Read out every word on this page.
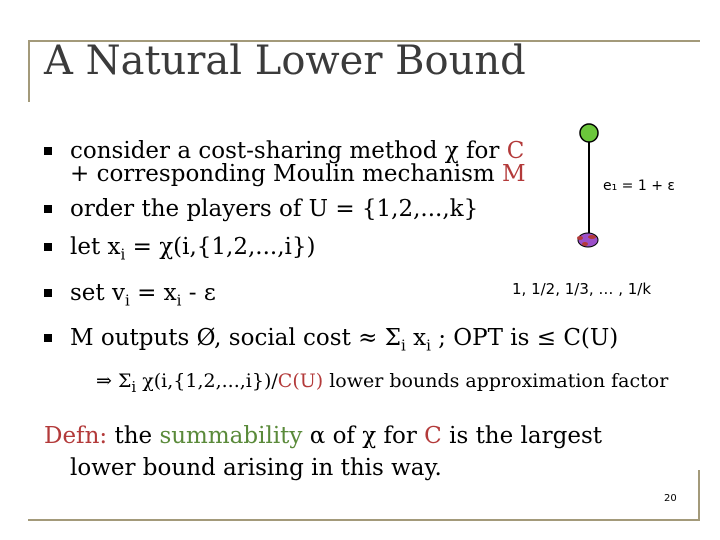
A Natural Lower Bound
consider a cost-sharing method χ for C
+ corresponding Moulin mechanism M
order the players of U = {1,2,...,k}
let $x_i = \chi(i,\{1,2,...,i\})$
set $v_i = x_i - \varepsilon$
M outputs Ø, social $\cos t \approx \Sigma_i$ $x_i$ ; OPT is ≤ C(U)
⇒ $\Sigma_i$ χ(i,{1,2,...,i})/C(U) lower bounds approximation factor
Defn: the summability α of χ for C is the largest
lower bound arising in this way.
e₁ = 1 + ε
1, 1/2, 1/3, … , 1/k
20
